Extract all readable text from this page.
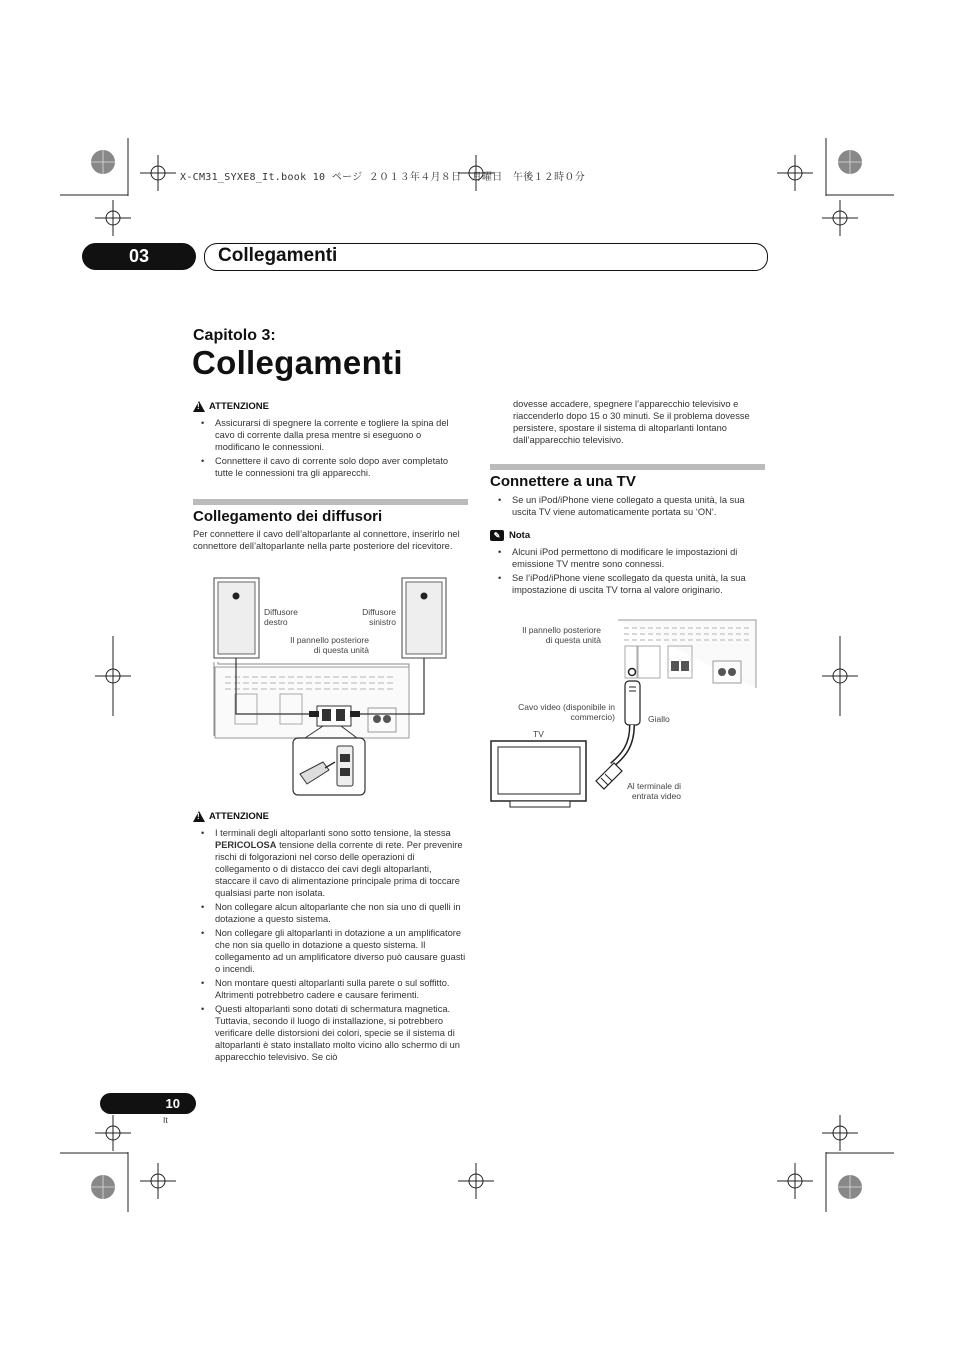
X-CM31_SYXE8_It.book 10 ページ ２０１３年４月８日　月曜日　午後１２時０分
03	Collegamenti
Capitolo 3:
Collegamenti
!
ATTENZIONE
• Assicurarsi di spegnere la corrente e togliere la spina del cavo di corrente dalla presa mentre si eseguono o modificano le connessioni.
• Connettere il cavo di corrente solo dopo aver completato tutte le connessioni tra gli apparecchi.
Collegamento dei diffusori
Per connettere il cavo dell’altoparlante al connettore, inserirlo nel connettore dell’altoparlante nella parte posteriore del ricevitore.
Diffusore
destro
Diffusore
sinistro
Il pannello posteriore
di questa unità
!
ATTENZIONE
• I terminali degli altoparlanti sono sotto tensione, la stessa PERICOLOSA tensione della corrente di rete. Per prevenire rischi di folgorazioni nel corso delle operazioni di collegamento o di distacco dei cavi degli altoparlanti, staccare il cavo di alimentazione principale prima di toccare qualsiasi parte non isolata.
• Non collegare alcun altoparlante che non sia uno di quelli in dotazione a questo sistema.
• Non collegare gli altoparlanti in dotazione a un amplificatore che non sia quello in dotazione a questo sistema. Il collegamento ad un amplificatore diverso può causare guasti o incendi.
• Non montare questi altoparlanti sulla parete o sul soffitto. Altrimenti potrebbetro cadere e causare ferimenti.
• Questi altoparlanti sono dotati di schermatura magnetica. Tuttavia, secondo il luogo di installazione, si potrebbero verificare delle distorsioni dei colori, specie se il sistema di altoparlanti è stato installato molto vicino allo schermo di un apparecchio televisivo. Se ciò
dovesse accadere, spegnere l’apparecchio televisivo e riaccenderlo dopo 15 o 30 minuti. Se il problema dovesse persistere, spostare il sistema di altoparlanti lontano dall’apparecchio televisivo.
Connettere a una TV
• Se un iPod/iPhone viene collegato a questa unità, la sua uscita TV viene automaticamente portata su ‘ON’.
✎ Nota
• Alcuni iPod permettono di modificare le impostazioni di emissione TV mentre sono connessi.
• Se l’iPod/iPhone viene scollegato da questa unità, la sua impostazione di uscita TV torna al valore originario.
Il pannello posteriore
di questa unità
Cavo video (disponibile in
commercio)	Giallo
TV
Al terminale di
entrata video
10
It
